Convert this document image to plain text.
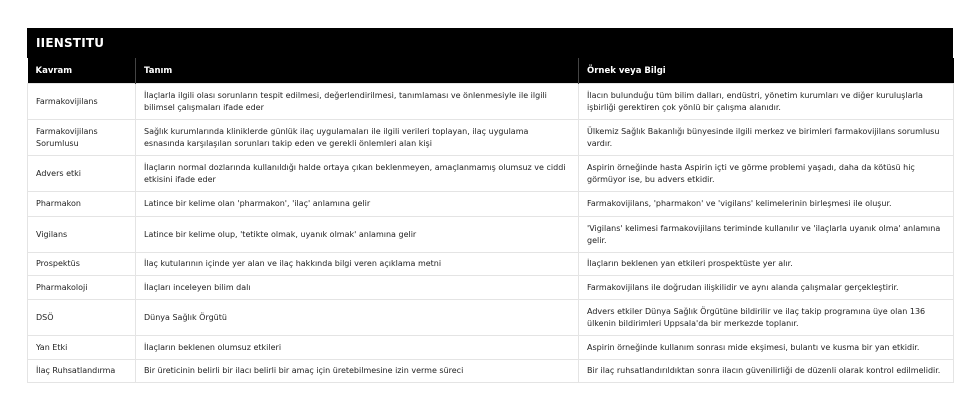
IIENSTITU
Kavram	Tanım	Örnek veya Bilgi
Farmakovijilans	İlaçlarla ilgili olası sorunların tespit edilmesi, değerlendirilmesi, tanımlaması ve önlenmesiyle ile ilgili bilimsel çalışmaları ifade eder	İlacın bulunduğu tüm bilim dalları, endüstri, yönetim kurumları ve diğer kuruluşlarla işbirliği gerektiren çok yönlü bir çalışma alanıdır.
Farmakovijilans Sorumlusu	Sağlık kurumlarında kliniklerde günlük ilaç uygulamaları ile ilgili verileri toplayan, ilaç uygulama esnasında karşılaşılan sorunları takip eden ve gerekli önlemleri alan kişi	Ülkemiz Sağlık Bakanlığı bünyesinde ilgili merkez ve birimleri farmakovijilans sorumlusu vardır.
Advers etki	İlaçların normal dozlarında kullanıldığı halde ortaya çıkan beklenmeyen, amaçlanmamış olumsuz ve ciddi etkisini ifade eder	Aspirin örneğinde hasta Aspirin içti ve görme problemi yaşadı, daha da kötüsü hiç görmüyor ise, bu advers etkidir.
Pharmakon	Latince bir kelime olan 'pharmakon', 'ilaç' anlamına gelir	Farmakovijilans, 'pharmakon' ve 'vigilans' kelimelerinin birleşmesi ile oluşur.
Vigilans	Latince bir kelime olup, 'tetikte olmak, uyanık olmak' anlamına gelir	'Vigilans' kelimesi farmakovijilans teriminde kullanılır ve 'ilaçlarla uyanık olma' anlamına gelir.
Prospektüs	İlaç kutularının içinde yer alan ve ilaç hakkında bilgi veren açıklama metni	İlaçların beklenen yan etkileri prospektüste yer alır.
Pharmakoloji	İlaçları inceleyen bilim dalı	Farmakovijilans ile doğrudan ilişkilidir ve aynı alanda çalışmalar gerçekleştirir.
DSÖ	Dünya Sağlık Örgütü	Advers etkiler Dünya Sağlık Örgütüne bildirilir ve ilaç takip programına üye olan 136 ülkenin bildirimleri Uppsala'da bir merkezde toplanır.
Yan Etki	İlaçların beklenen olumsuz etkileri	Aspirin örneğinde kullanım sonrası mide ekşimesi, bulantı ve kusma bir yan etkidir.
İlaç Ruhsatlandırma	Bir üreticinin belirli bir ilacı belirli bir amaç için üretebilmesine izin verme süreci	Bir ilaç ruhsatlandırıldıktan sonra ilacın güvenilirliği de düzenli olarak kontrol edilmelidir.
